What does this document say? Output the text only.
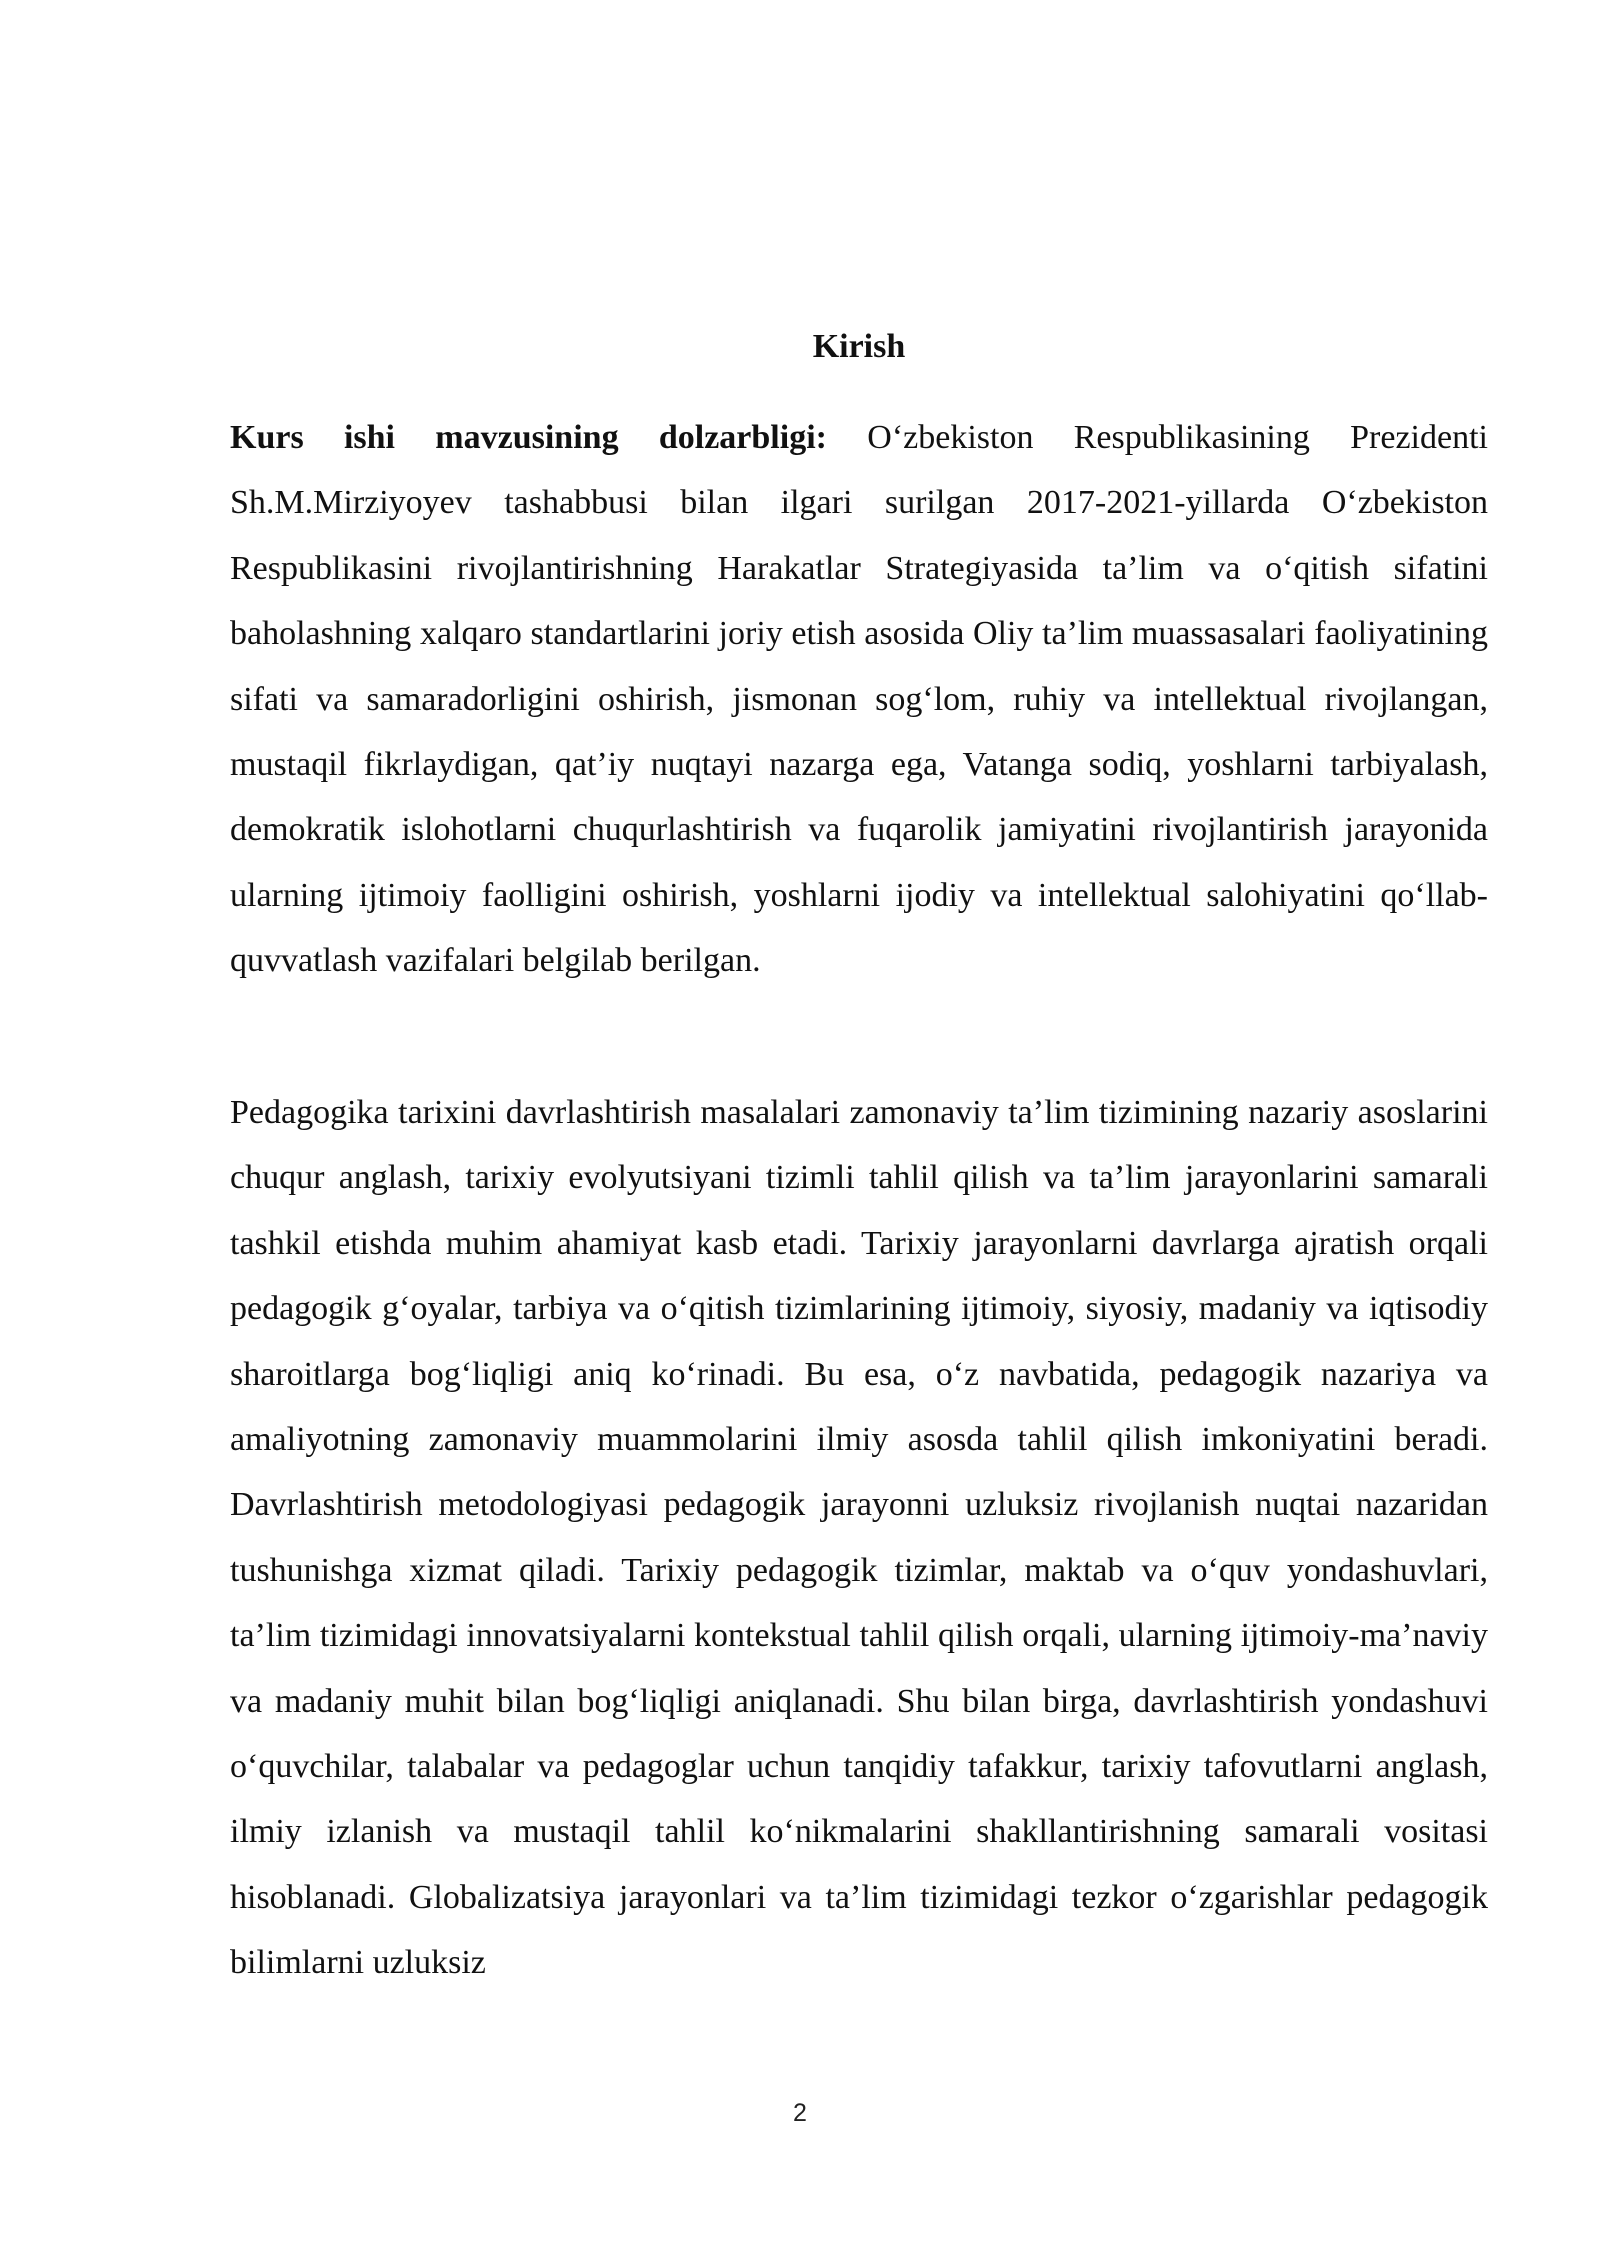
Kirish

Kurs ishi mavzusining dolzarbligi: O‘zbekiston Respublikasining Prezidenti Sh.M.Mirziyoyev tashabbusi bilan ilgari surilgan 2017-2021-yillarda O‘zbekiston Respublikasini rivojlantirishning Harakatlar Strategiyasida ta’lim va o‘qitish sifatini baholashning xalqaro standartlarini joriy etish asosida Oliy ta’lim muassasalari faoliyatining sifati va samaradorligini oshirish, jismonan sog‘lom, ruhiy va intellektual rivojlangan, mustaqil fikrlaydigan, qat’iy nuqtayi nazarga ega, Vatanga sodiq, yoshlarni tarbiyalash, demokratik islohotlarni chuqurlashtirish va fuqarolik jamiyatini rivojlantirish jarayonida ularning ijtimoiy faolligini oshirish, yoshlarni ijodiy va intellektual salohiyatini qo‘llab-quvvatlash vazifalari belgilab berilgan.

Pedagogika tarixini davrlashtirish masalalari zamonaviy ta’lim tizimining nazariy asoslarini chuqur anglash, tarixiy evolyutsiyani tizimli tahlil qilish va ta’lim jarayonlarini samarali tashkil etishda muhim ahamiyat kasb etadi. Tarixiy jarayonlarni davrlarga ajratish orqali pedagogik g‘oyalar, tarbiya va o‘qitish tizimlarining ijtimoiy, siyosiy, madaniy va iqtisodiy sharoitlarga bog‘liqligi aniq ko‘rinadi. Bu esa, o‘z navbatida, pedagogik nazariya va amaliyotning zamonaviy muammolarini ilmiy asosda tahlil qilish imkoniyatini beradi. Davrlashtirish metodologiyasi pedagogik jarayonni uzluksiz rivojlanish nuqtai nazaridan tushunishga xizmat qiladi. Tarixiy pedagogik tizimlar, maktab va o‘quv yondashuvlari, ta’lim tizimidagi innovatsiyalarni kontekstual tahlil qilish orqali, ularning ijtimoiy-ma’naviy va madaniy muhit bilan bog‘liqligi aniqlanadi. Shu bilan birga, davrlashtirish yondashuvi o‘quvchilar, talabalar va pedagoglar uchun tanqidiy tafakkur, tarixiy tafovutlarni anglash, ilmiy izlanish va mustaqil tahlil ko‘nikmalarini shakllantirishning samarali vositasi hisoblanadi. Globalizatsiya jarayonlari va ta’lim tizimidagi tezkor o‘zgarishlar pedagogik bilimlarni uzluksiz

2
